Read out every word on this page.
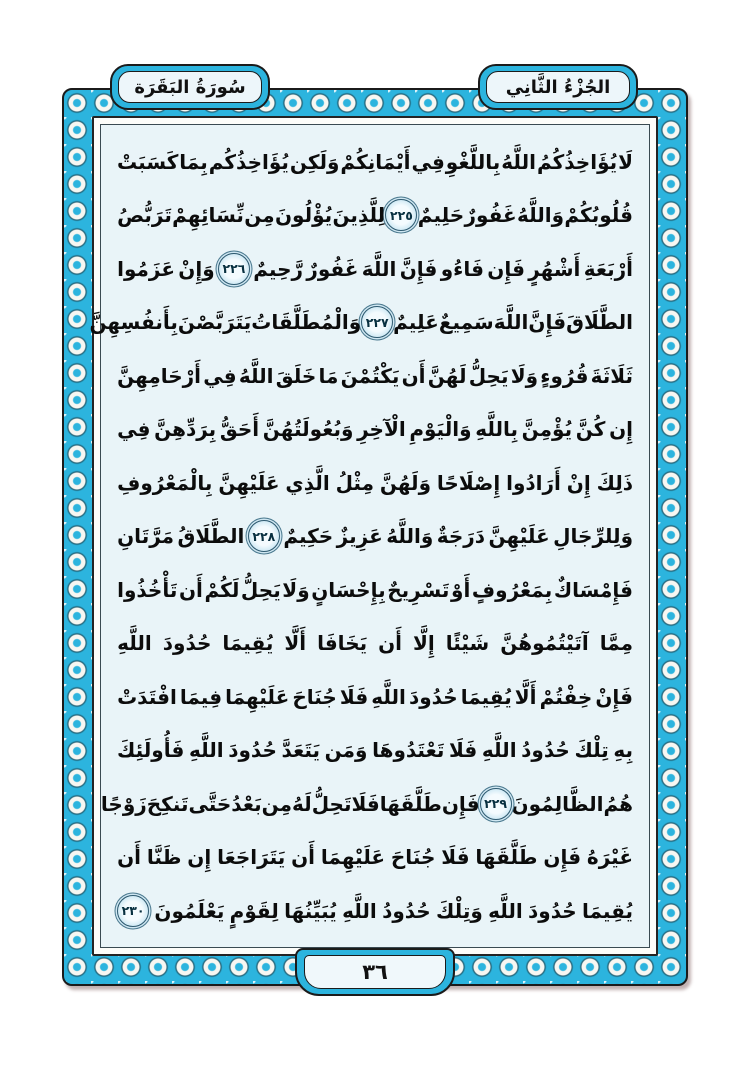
لَا
يُؤَاخِذُكُمُ
اللَّهُ
بِاللَّغْوِ
فِي
أَيْمَانِكُمْ
وَلَكِن
يُؤَاخِذُكُم
بِمَا
كَسَبَتْ
قُلُوبُكُمْ
وَاللَّهُ
غَفُورٌ
حَلِيمٌ
٢٢٥
لِلَّذِينَ
يُؤْلُونَ
مِن
نِّسَائِهِمْ
تَرَبُّصُ
أَرْبَعَةِ
أَشْهُرٍ
فَإِن
فَاءُو
فَإِنَّ
اللَّهَ
غَفُورٌ
رَّحِيمٌ
٢٢٦
وَإِنْ
عَزَمُوا
الطَّلَاقَ
فَإِنَّ
اللَّهَ
سَمِيعٌ
عَلِيمٌ
٢٢٧
وَالْمُطَلَّقَاتُ
يَتَرَبَّصْنَ
بِأَنفُسِهِنَّ
ثَلَاثَةَ
قُرُوءٍ
وَلَا
يَحِلُّ
لَهُنَّ
أَن
يَكْتُمْنَ
مَا
خَلَقَ
اللَّهُ
فِي
أَرْحَامِهِنَّ
إِن
كُنَّ
يُؤْمِنَّ
بِاللَّهِ
وَالْيَوْمِ
الْآخِرِ
وَبُعُولَتُهُنَّ
أَحَقُّ
بِرَدِّهِنَّ
فِي
ذَلِكَ
إِنْ
أَرَادُوا
إِصْلَاحًا
وَلَهُنَّ
مِثْلُ
الَّذِي
عَلَيْهِنَّ
بِالْمَعْرُوفِ
وَلِلرِّجَالِ
عَلَيْهِنَّ
دَرَجَةٌ
وَاللَّهُ
عَزِيزٌ
حَكِيمٌ
٢٢٨
الطَّلَاقُ
مَرَّتَانِ
فَإِمْسَاكٌ
بِمَعْرُوفٍ
أَوْ
تَسْرِيحٌ
بِإِحْسَانٍ
وَلَا
يَحِلُّ
لَكُمْ
أَن
تَأْخُذُوا
مِمَّا
آتَيْتُمُوهُنَّ
شَيْئًا
إِلَّا
أَن
يَخَافَا
أَلَّا
يُقِيمَا
حُدُودَ
اللَّهِ
فَإِنْ
خِفْتُمْ
أَلَّا
يُقِيمَا
حُدُودَ
اللَّهِ
فَلَا
جُنَاحَ
عَلَيْهِمَا
فِيمَا
افْتَدَتْ
بِهِ
تِلْكَ
حُدُودُ
اللَّهِ
فَلَا
تَعْتَدُوهَا
وَمَن
يَتَعَدَّ
حُدُودَ
اللَّهِ
فَأُولَئِكَ
هُمُ
الظَّالِمُونَ
٢٢٩
فَإِن
طَلَّقَهَا
فَلَا
تَحِلُّ
لَهُ
مِن
بَعْدُ
حَتَّى
تَنكِحَ
زَوْجًا
غَيْرَهُ
فَإِن
طَلَّقَهَا
فَلَا
جُنَاحَ
عَلَيْهِمَا
أَن
يَتَرَاجَعَا
إِن
ظَنَّا
أَن
يُقِيمَا
حُدُودَ
اللَّهِ
وَتِلْكَ
حُدُودُ
اللَّهِ
يُبَيِّنُهَا
لِقَوْمٍ
يَعْلَمُونَ
٢٣٠
سُورَةُ البَقَرَة	الجُزْءُ الثَّانِي
٣٦
